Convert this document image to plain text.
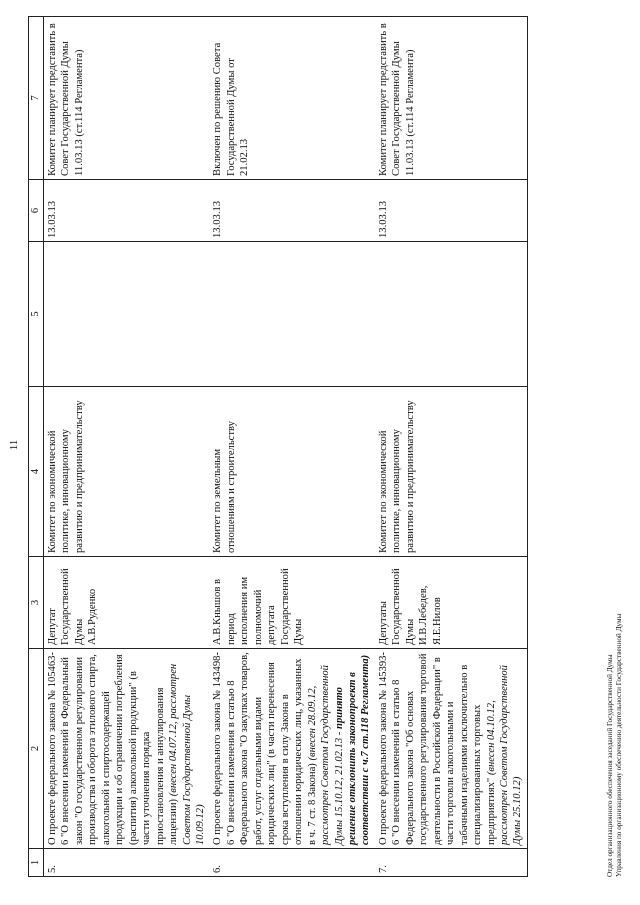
11
1	2	3	4	5	6	7
5.	О проекте федерального закона № 105463-6 "О внесении изменений в Федеральный закон "О государственном регулировании производства и оборота этилового спирта, алкогольной и спиртосодержащей продукции и об ограничении потребления (распития) алкогольной продукции" (в части уточнения порядка приостановления и аннулирования лицензии) (внесен 04.07.12, рассмотрен Советом Государственной Думы 10.09.12)	Депутат Государственной Думы А.В.Руденко	Комитет по экономической политике, инновационному развитию и предпринимательству		13.03.13	Комитет планирует представить в Совет Государственной Думы 11.03.13 (ст.114 Регламента)
6.	О проекте федерального закона № 143498-6 "О внесении изменения в статью 8 Федерального закона "О закупках товаров, работ, услуг отдельными видами юридических лиц" (в части перенесения срока вступления в силу Закона в отношении юридических лиц, указанных в ч. 7 ст. 8 Закона) (внесен 28.09.12, рассмотрен Советом Государственной Думы 15.10.12, 21.02.13 - принято решение отклонить законопроект в соответствии с ч.7 ст.118 Регламента)	А.В.Кнышов в период исполнения им полномочий депутата Государственной Думы	Комитет по земельным отношениям и строительству		13.03.13	Включен по решению Совета Государственной Думы от 21.02.13
7.	О проекте федерального закона № 145393-6 "О внесении изменений в статью 8 Федерального закона "Об основах государственного регулирования торговой деятельности в Российской Федерации" в части торговли алкогольными и табачными изделиями исключительно в специализированных торговых предприятиях" (внесен 04.10.12, рассмотрен Советом Государственной Думы 25.10.12)	Депутаты Государственной Думы И.В.Лебедев, Я.Е.Нилов	Комитет по экономической политике, инновационному развитию и предпринимательству		13.03.13	Комитет планирует представить в Совет Государственной Думы 11.03.13 (ст.114 Регламента)
Отдел организационного обеспечения заседаний Государственной Думы Управления по организационному обеспечению деятельности Государственной Думы
